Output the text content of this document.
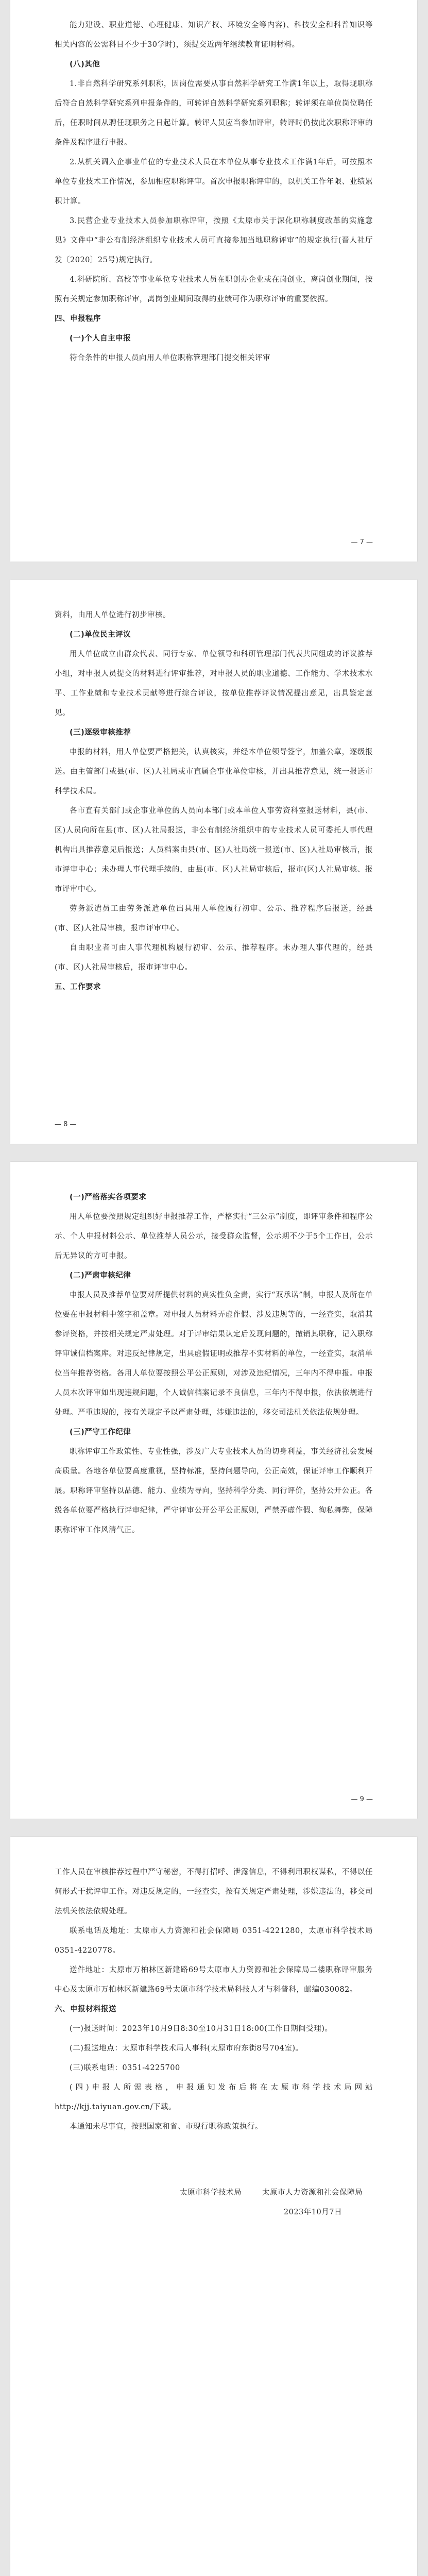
能力建设、职业道德、心理健康、知识产权、环境安全等内容)、科技安全和科普知识等相关内容的公需科目不少于30学时)，须提交近两年继续教育证明材料。

(八)其他

1.非自然科学研究系列职称，因岗位需要从事自然科学研究工作满1年以上，取得现职称后符合自然科学研究系列申报条件的，可转评自然科学研究系列职称；转评须在单位岗位聘任后，任职时间从聘任现职务之日起计算。转评人员应当参加评审，转评时仍按此次职称评审的条件及程序进行申报。

2.从机关调入企事业单位的专业技术人员在本单位从事专业技术工作满1年后，可按照本单位专业技术工作情况，参加相应职称评审。首次申报职称评审的，以机关工作年限、业绩累积计算。

3.民营企业专业技术人员参加职称评审，按照《太原市关于深化职称制度改革的实施意见》文件中“非公有制经济组织专业技术人员可直接参加当地职称评审”的规定执行(晋人社厅发〔2020〕25号)规定执行。

4.科研院所、高校等事业单位专业技术人员在职创办企业或在岗创业，离岗创业期间，按照有关规定参加职称评审，离岗创业期间取得的业绩可作为职称评审的重要依据。

四、申报程序

(一)个人自主申报

符合条件的申报人员向用人单位职称管理部门提交相关评审

— 7 —

资料，由用人单位进行初步审核。

(二)单位民主评议

用人单位成立由群众代表、同行专家、单位领导和科研管理部门代表共同组成的评议推荐小组，对申报人员提交的材料进行评审推荐，对申报人员的职业道德、工作能力、学术技术水平、工作业绩和专业技术贡献等进行综合评议，按单位推荐评议情况提出意见，出具鉴定意见。

(三)逐级审核推荐

申报的材料，用人单位要严格把关，认真核实，并经本单位领导签字，加盖公章，逐级报送。由主管部门或县(市、区)人社局或市直属企事业单位审核，并出具推荐意见，统一报送市科学技术局。

各市直有关部门或企事业单位的人员向本部门或本单位人事劳资科室报送材料，县(市、区)人员向所在县(市、区)人社局报送，非公有制经济组织中的专业技术人员可委托人事代理机构出具推荐意见后报送；人员档案由县(市、区)人社局统一报送(市、区)人社局审核后，报市评审中心；未办理人事代理手续的，由县(市、区)人社局审核后，报市(区)人社局审核、报市评审中心。

劳务派遣员工由劳务派遣单位出具用人单位履行初审、公示、推荐程序后报送，经县(市、区)人社局审核，报市评审中心。

自由职业者可由人事代理机构履行初审、公示、推荐程序。未办理人事代理的，经县(市、区)人社局审核后，报市评审中心。

五、工作要求

— 8 —

(一)严格落实各项要求

用人单位要按照规定组织好申报推荐工作，严格实行“三公示”制度，即评审条件和程序公示、个人申报材料公示、单位推荐人员公示，接受群众监督，公示期不少于5个工作日，公示后无异议的方可申报。

(二)严肃审核纪律

申报人员及推荐单位要对所提供材料的真实性负全责，实行“双承诺”制，申报人及所在单位要在申报材料中签字和盖章。对申报人员材料弄虚作假、涉及违规等的，一经查实，取消其参评资格，并按相关规定严肃处理。对于评审结果认定后发现问题的，撤销其职称，记入职称评审诚信档案库。对违反纪律规定，出具虚假证明或推荐不实材料的单位，一经查实，取消单位当年推荐资格。各用人单位要按照公平公正原则，对涉及违纪情况，三年内不得申报。申报人员本次评审如出现违规问题，个人诚信档案记录不良信息，三年内不得申报，依法依规进行处理。严重违规的，按有关规定予以严肃处理，涉嫌违法的，移交司法机关依法依规处理。

(三)严守工作纪律

职称评审工作政策性、专业性强，涉及广大专业技术人员的切身利益，事关经济社会发展高质量。各地各单位要高度重视，坚持标准，坚持问题导向，公正高效，保证评审工作顺利开展。职称评审坚持以品德、能力、业绩为导向，坚持科学分类、同行评价，坚持公开公正。各级各单位要严格执行评审纪律，严守评审公开公平公正原则，严禁弄虚作假、徇私舞弊，保障职称评审工作风清气正。

— 9 —

工作人员在审核推荐过程中严守秘密，不得打招呼、泄露信息，不得利用职权谋私，不得以任何形式干扰评审工作。对违反规定的，一经查实，按有关规定严肃处理，涉嫌违法的，移交司法机关依法依规处理。

联系电话及地址：太原市人力资源和社会保障局 0351-4221280，太原市科学技术局 0351-4220778。

送件地址：太原市万柏林区新建路69号太原市人力资源和社会保障局二楼职称评审服务中心及太原市万柏林区新建路69号太原市科学技术局科技人才与科普科，邮编030082。

六、申报材料报送

(一)报送时间：2023年10月9日8:30至10月31日18:00(工作日期间受理)。

(二)报送地点：太原市科学技术局人事科(太原市府东街8号704室)。

(三)联系电话：0351-4225700

(四)申报人所需表格，申报通知发布后将在太原市科学技术局网站 http://kjj.taiyuan.gov.cn/下载。

本通知未尽事宜，按照国家和省、市现行职称政策执行。

太原市科学技术局	太原市人力资源和社会保障局
2023年10月7日
